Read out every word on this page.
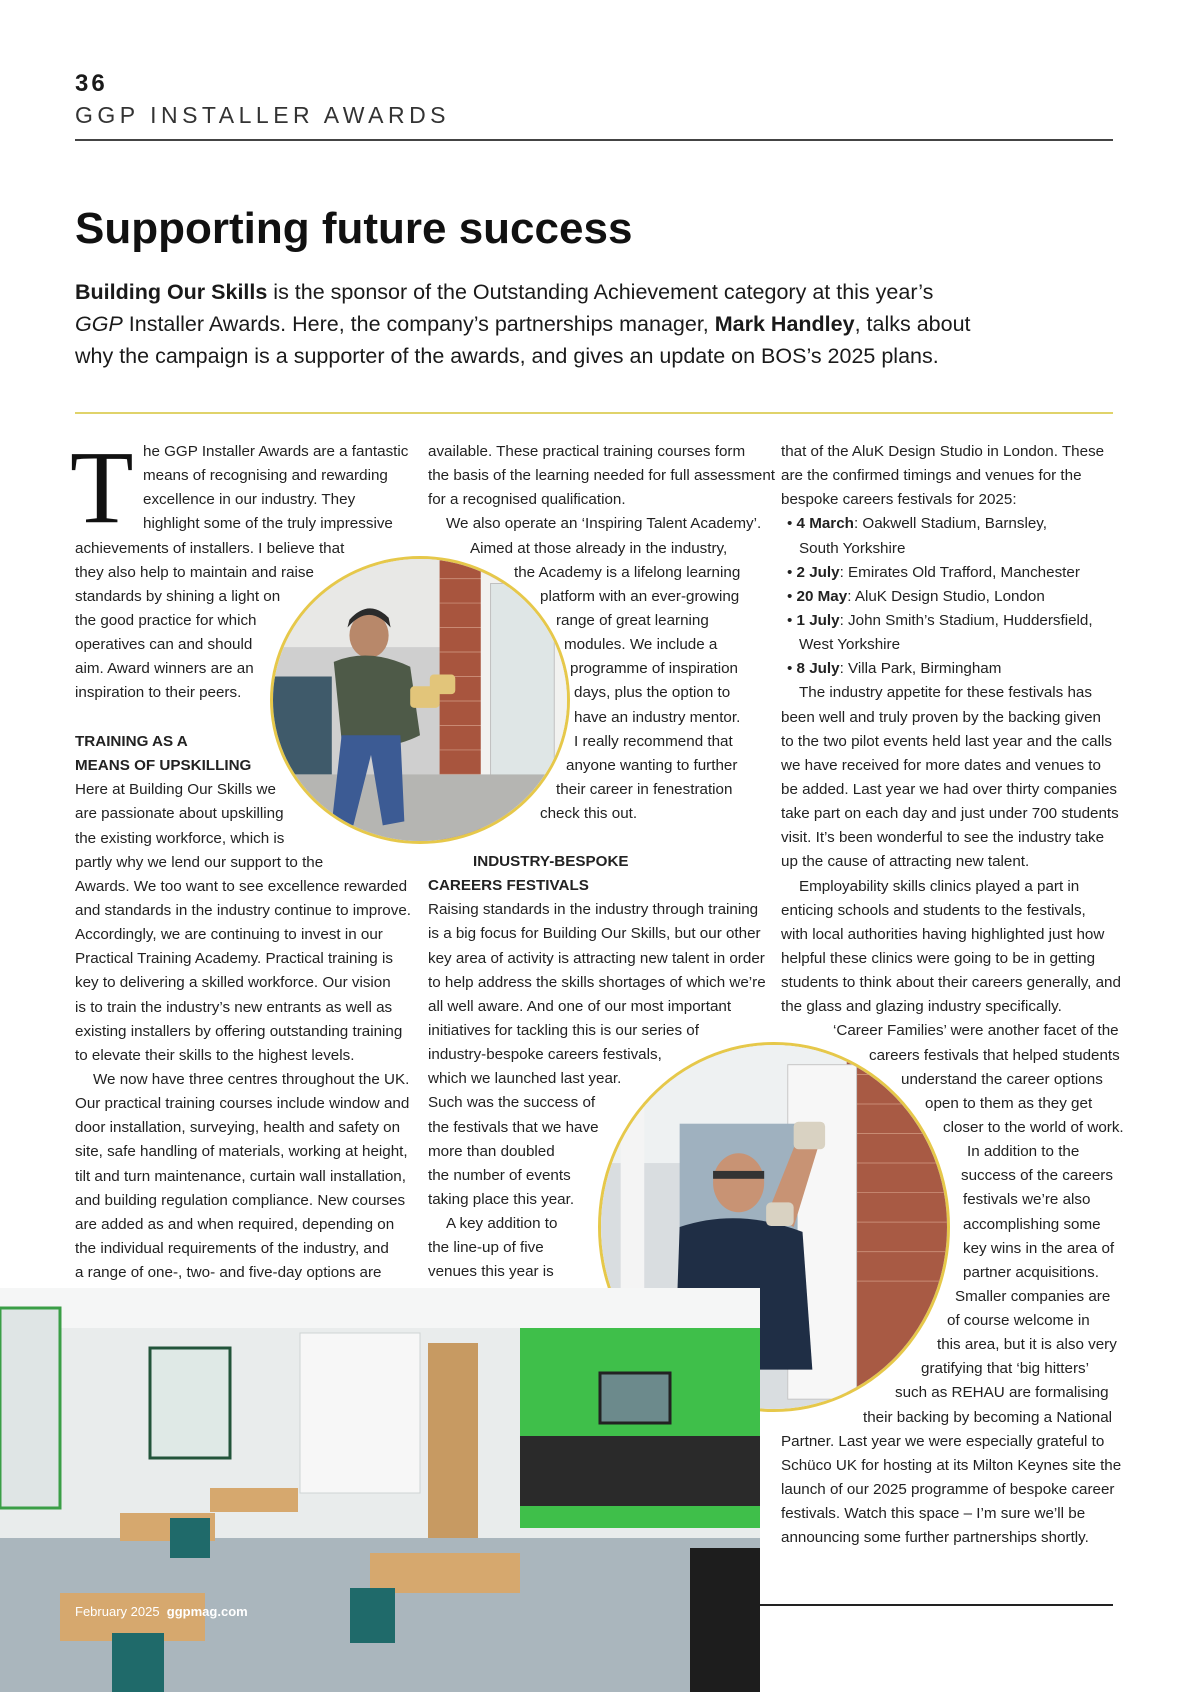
36
GGP INSTALLER AWARDS
Supporting future success

Building Our Skills is the sponsor of the Outstanding Achievement category at this year’s GGP Installer Awards. Here, the company’s partnerships manager, Mark Handley, talks about why the campaign is a supporter of the awards, and gives an update on BOS’s 2025 plans.

T he GGP Installer Awards are a fantastic
means of recognising and rewarding
excellence in our industry. They
highlight some of the truly impressive
achievements of installers. I believe that
they also help to maintain and raise
standards by shining a light on
the good practice for which
operatives can and should
aim. Award winners are an
inspiration to their peers.
TRAINING AS A
MEANS OF UPSKILLING
Here at Building Our Skills we
are passionate about upskilling
the existing workforce, which is
partly why we lend our support to the
Awards. We too want to see excellence rewarded
and standards in the industry continue to improve.
Accordingly, we are continuing to invest in our
Practical Training Academy. Practical training is
key to delivering a skilled workforce. Our vision
is to train the industry’s new entrants as well as
existing installers by offering outstanding training
to elevate their skills to the highest levels.
We now have three centres throughout the UK.
Our practical training courses include window and
door installation, surveying, health and safety on
site, safe handling of materials, working at height,
tilt and turn maintenance, curtain wall installation,
and building regulation compliance. New courses
are added as and when required, depending on
the individual requirements of the industry, and
a range of one-, two- and five-day options are
available. These practical training courses form
the basis of the learning needed for full assessment
for a recognised qualification.
We also operate an ‘Inspiring Talent Academy’.
Aimed at those already in the industry,
the Academy is a lifelong learning
platform with an ever-growing
range of great learning
modules. We include a
programme of inspiration
days, plus the option to
have an industry mentor.
I really recommend that
anyone wanting to further
their career in fenestration
check this out.
INDUSTRY-BESPOKE
CAREERS FESTIVALS
Raising standards in the industry through training
is a big focus for Building Our Skills, but our other
key area of activity is attracting new talent in order
to help address the skills shortages of which we’re
all well aware. And one of our most important
initiatives for tackling this is our series of
industry-bespoke careers festivals,
which we launched last year.
Such was the success of
the festivals that we have
more than doubled
the number of events
taking place this year.
A key addition to
the line-up of five
venues this year is
that of the AluK Design Studio in London. These
are the confirmed timings and venues for the
bespoke careers festivals for 2025:
• 4 March: Oakwell Stadium, Barnsley,
South Yorkshire
• 2 July: Emirates Old Trafford, Manchester
• 20 May: AluK Design Studio, London
• 1 July: John Smith’s Stadium, Huddersfield,
West Yorkshire
• 8 July: Villa Park, Birmingham
The industry appetite for these festivals has
been well and truly proven by the backing given
to the two pilot events held last year and the calls
we have received for more dates and venues to
be added. Last year we had over thirty companies
take part on each day and just under 700 students
visit. It’s been wonderful to see the industry take
up the cause of attracting new talent.
Employability skills clinics played a part in
enticing schools and students to the festivals,
with local authorities having highlighted just how
helpful these clinics were going to be in getting
students to think about their careers generally, and
the glass and glazing industry specifically.
‘Career Families’ were another facet of the
careers festivals that helped students
understand the career options
open to them as they get
closer to the world of work.
In addition to the
success of the careers
festivals we’re also
accomplishing some
key wins in the area of
partner acquisitions.
Smaller companies are
of course welcome in
this area, but it is also very
gratifying that ‘big hitters’
such as REHAU are formalising
their backing by becoming a National
Partner. Last year we were especially grateful to
Schüco UK for hosting at its Milton Keynes site the
launch of our 2025 programme of bespoke career
festivals. Watch this space – I’m sure we’ll be
announcing some further partnerships shortly.
February 2025 ggpmag.com
